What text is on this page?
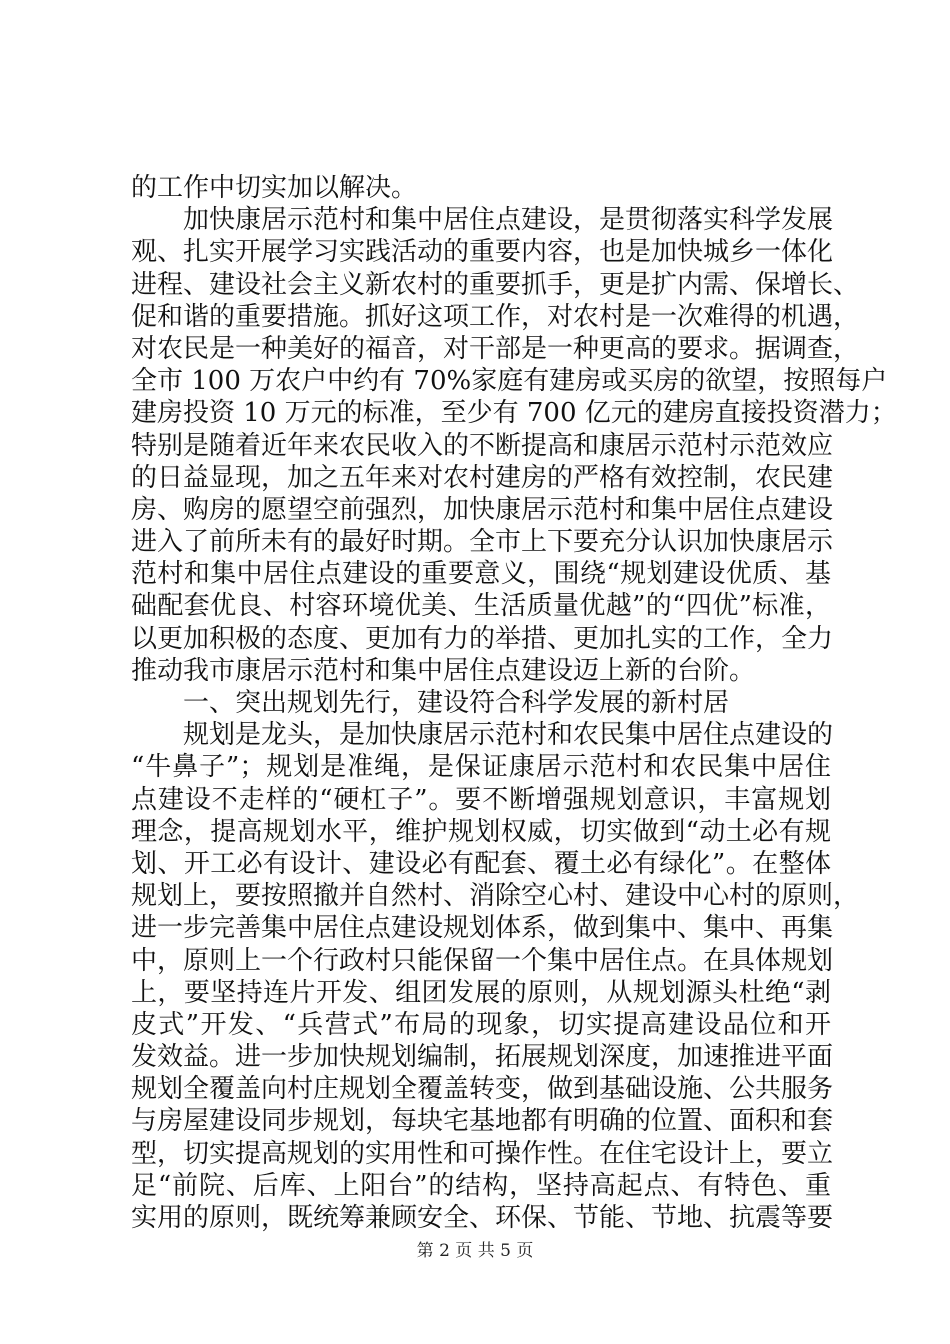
的工作中切实加以解决。
加快康居示范村和集中居住点建设，是贯彻落实科学发展
观、扎实开展学习实践活动的重要内容，也是加快城乡一体化
进程、建设社会主义新农村的重要抓手，更是扩内需、保增长、
促和谐的重要措施。抓好这项工作，对农村是一次难得的机遇，
对农民是一种美好的福音，对干部是一种更高的要求。据调查，
全市 100 万农户中约有 70%家庭有建房或买房的欲望，按照每户
建房投资 10 万元的标准，至少有 700 亿元的建房直接投资潜力；
特别是随着近年来农民收入的不断提高和康居示范村示范效应
的日益显现，加之五年来对农村建房的严格有效控制，农民建
房、购房的愿望空前强烈，加快康居示范村和集中居住点建设
进入了前所未有的最好时期。全市上下要充分认识加快康居示
范村和集中居住点建设的重要意义，围绕“规划建设优质、基
础配套优良、村容环境优美、生活质量优越”的“四优”标准，
以更加积极的态度、更加有力的举措、更加扎实的工作，全力
推动我市康居示范村和集中居住点建设迈上新的台阶。
一、突出规划先行，建设符合科学发展的新村居
规划是龙头，是加快康居示范村和农民集中居住点建设的
“牛鼻子”；规划是准绳，是保证康居示范村和农民集中居住
点建设不走样的“硬杠子”。要不断增强规划意识，丰富规划
理念，提高规划水平，维护规划权威，切实做到“动土必有规
划、开工必有设计、建设必有配套、覆土必有绿化”。在整体
规划上，要按照撤并自然村、消除空心村、建设中心村的原则，
进一步完善集中居住点建设规划体系，做到集中、集中、再集
中，原则上一个行政村只能保留一个集中居住点。在具体规划
上，要坚持连片开发、组团发展的原则，从规划源头杜绝“剥
皮式”开发、“兵营式”布局的现象，切实提高建设品位和开
发效益。进一步加快规划编制，拓展规划深度，加速推进平面
规划全覆盖向村庄规划全覆盖转变，做到基础设施、公共服务
与房屋建设同步规划，每块宅基地都有明确的位置、面积和套
型，切实提高规划的实用性和可操作性。在住宅设计上，要立
足“前院、后库、上阳台”的结构，坚持高起点、有特色、重
实用的原则，既统筹兼顾安全、环保、节能、节地、抗震等要
第 2 页 共 5 页
